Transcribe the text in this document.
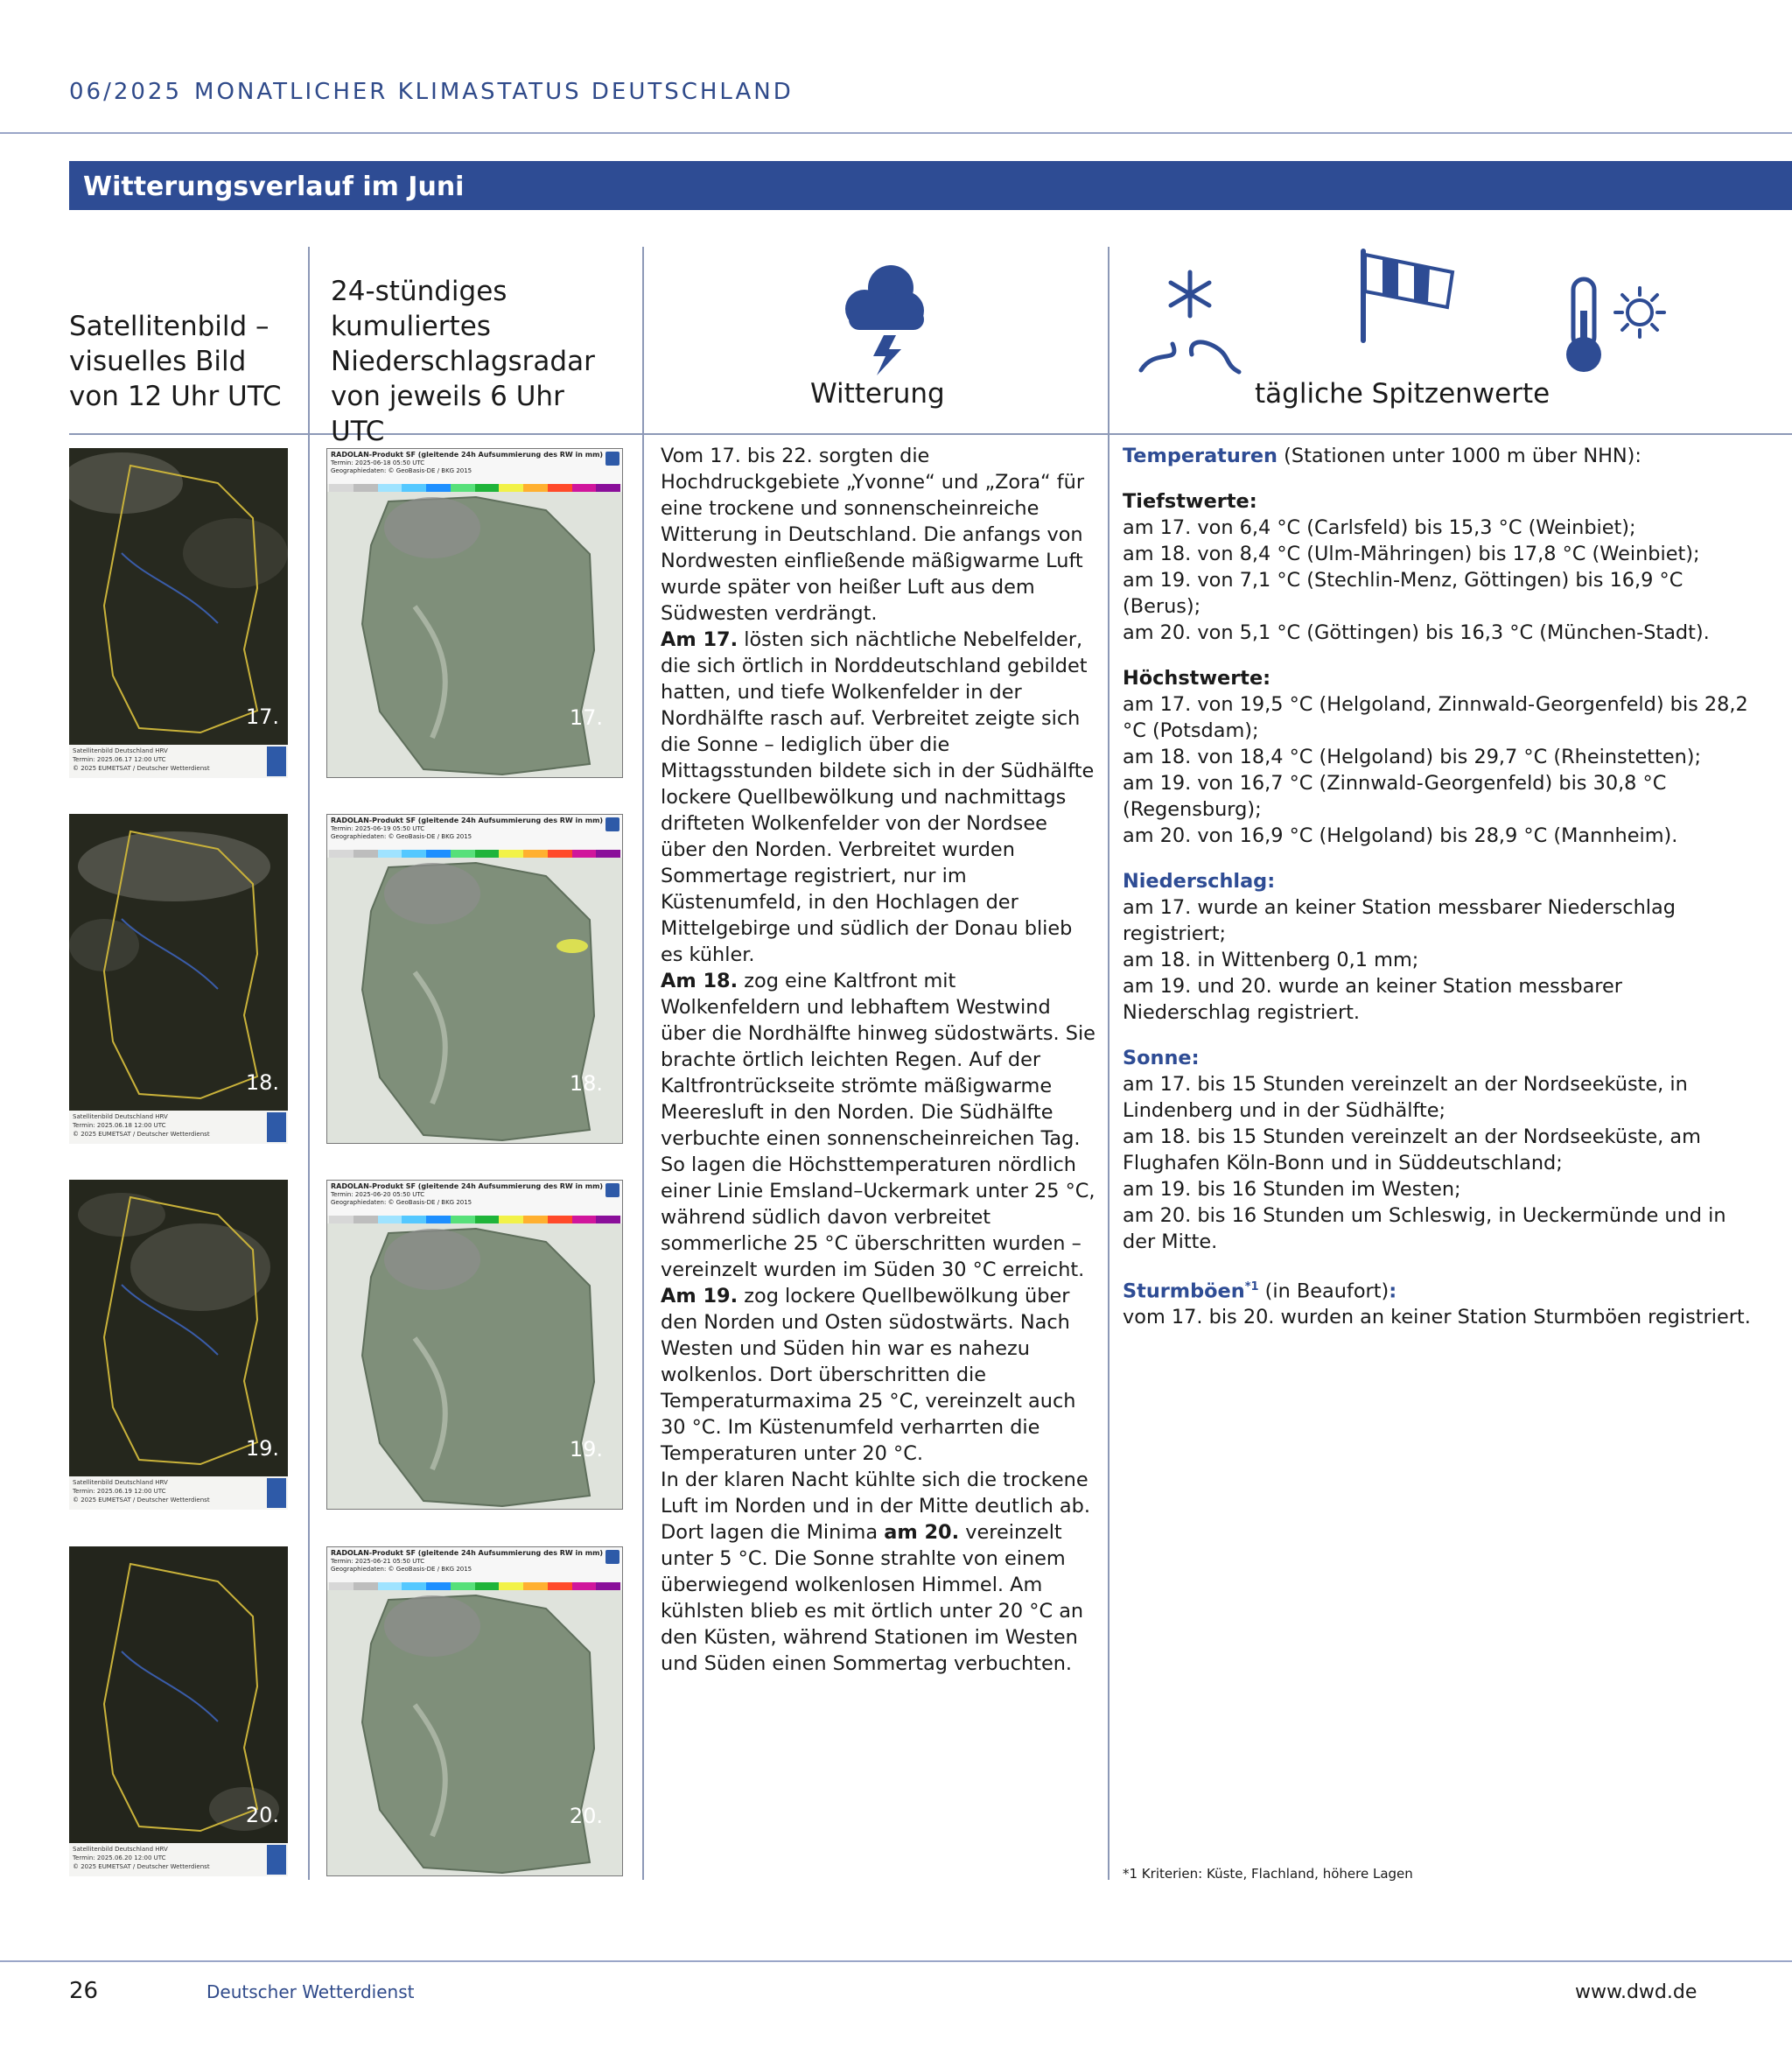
06/2025 MONATLICHER KLIMASTATUS DEUTSCHLAND
Witterungsverlauf im Juni
Satellitenbild – visuelles Bild von 12 Uhr UTC
24-stündiges kumuliertes Niederschlagsradar von jeweils 6 Uhr UTC
Witterung	tägliche Spitzenwerte
17.
Satellitenbild Deutschland HRV
Termin: 2025.06.17 12:00 UTC
© 2025 EUMETSAT / Deutscher Wetterdienst
18.
Satellitenbild Deutschland HRV
Termin: 2025.06.18 12:00 UTC
© 2025 EUMETSAT / Deutscher Wetterdienst
19.
Satellitenbild Deutschland HRV
Termin: 2025.06.19 12:00 UTC
© 2025 EUMETSAT / Deutscher Wetterdienst
20.
Satellitenbild Deutschland HRV
Termin: 2025.06.20 12:00 UTC
© 2025 EUMETSAT / Deutscher Wetterdienst
RADOLAN-Produkt SF (gleitende 24h Aufsummierung des RW in mm)
Termin: 2025-06-18 05:50 UTC
Geographiedaten: © GeoBasis-DE / BKG 2015
17.
RADOLAN-Produkt SF (gleitende 24h Aufsummierung des RW in mm)
Termin: 2025-06-19 05:50 UTC
Geographiedaten: © GeoBasis-DE / BKG 2015
18.
RADOLAN-Produkt SF (gleitende 24h Aufsummierung des RW in mm)
Termin: 2025-06-20 05:50 UTC
Geographiedaten: © GeoBasis-DE / BKG 2015
19.
RADOLAN-Produkt SF (gleitende 24h Aufsummierung des RW in mm)
Termin: 2025-06-21 05:50 UTC
Geographiedaten: © GeoBasis-DE / BKG 2015
20.

Vom 17. bis 22. sorgten die Hochdruckgebiete „Yvonne“ und „Zora“ für eine trockene und sonnenscheinreiche Witterung in Deutschland. Die anfangs von Nordwesten einfließende mäßigwarme Luft wurde später von heißer Luft aus dem Südwesten verdrängt.

Am 17. lösten sich nächtliche Nebelfelder, die sich örtlich in Norddeutschland gebildet hatten, und tiefe Wolkenfelder in der Nordhälfte rasch auf. Verbreitet zeigte sich die Sonne – lediglich über die Mittagsstunden bildete sich in der Südhälfte lockere Quellbewölkung und nachmittags drifteten Wolkenfelder von der Nordsee über den Norden. Verbreitet wurden Sommertage registriert, nur im Küstenumfeld, in den Hochlagen der Mittelgebirge und südlich der Donau blieb es kühler.

Am 18. zog eine Kaltfront mit Wolkenfeldern und lebhaftem Westwind über die Nordhälfte hinweg südostwärts. Sie brachte örtlich leichten Regen. Auf der Kaltfrontrückseite strömte mäßigwarme Meeresluft in den Norden. Die Südhälfte verbuchte einen sonnenscheinreichen Tag. So lagen die Höchsttemperaturen nördlich einer Linie Emsland–Uckermark unter 25 °C, während südlich davon verbreitet sommerliche 25 °C überschritten wurden – vereinzelt wurden im Süden 30 °C erreicht.

Am 19. zog lockere Quellbewölkung über den Norden und Osten südostwärts. Nach Westen und Süden hin war es nahezu wolkenlos. Dort überschritten die Temperaturmaxima 25 °C, vereinzelt auch 30 °C. Im Küstenumfeld verharrten die Temperaturen unter 20 °C.

In der klaren Nacht kühlte sich die trockene Luft im Norden und in der Mitte deutlich ab. Dort lagen die Minima am 20. vereinzelt unter 5 °C. Die Sonne strahlte von einem überwiegend wolkenlosen Himmel. Am kühlsten blieb es mit örtlich unter 20 °C an den Küsten, während Stationen im Westen und Süden einen Sommertag verbuchten.

Temperaturen (Stationen unter 1000 m über NHN):
Tiefstwerte:
am 17. von 6,4 °C (Carlsfeld) bis 15,3 °C (Weinbiet);
am 18. von 8,4 °C (Ulm-Mähringen) bis 17,8 °C (Weinbiet);
am 19. von 7,1 °C (Stechlin-Menz, Göttingen) bis 16,9 °C (Berus);
am 20. von 5,1 °C (Göttingen) bis 16,3 °C (München-Stadt).
Höchstwerte:
am 17. von 19,5 °C (Helgoland, Zinnwald-Georgenfeld) bis 28,2 °C (Potsdam);
am 18. von 18,4 °C (Helgoland) bis 29,7 °C (Rheinstetten);
am 19. von 16,7 °C (Zinnwald-Georgenfeld) bis 30,8 °C (Regensburg);
am 20. von 16,9 °C (Helgoland) bis 28,9 °C (Mannheim).
Niederschlag:
am 17. wurde an keiner Station messbarer Niederschlag registriert;
am 18. in Wittenberg 0,1 mm;
am 19. und 20. wurde an keiner Station messbarer Niederschlag registriert.
Sonne:
am 17. bis 15 Stunden vereinzelt an der Nordseeküste, in Lindenberg und in der Südhälfte;
am 18. bis 15 Stunden vereinzelt an der Nordseeküste, am Flughafen Köln-Bonn und in Süddeutschland;
am 19. bis 16 Stunden im Westen;
am 20. bis 16 Stunden um Schleswig, in Ueckermünde und in der Mitte.
Sturmböen$^{*1}$ (in Beaufort):
vom 17. bis 20. wurden an keiner Station Sturmböen registriert.
*1 Kriterien: Küste, Flachland, höhere Lagen
26	Deutscher Wetterdienst	www.dwd.de
